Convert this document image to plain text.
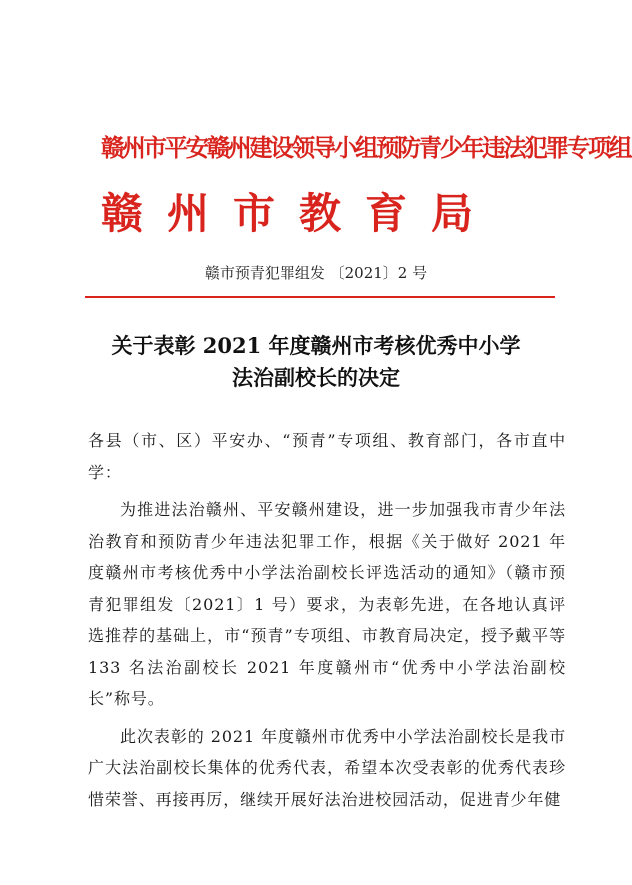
赣州市平安赣州建设领导小组预防青少年违法犯罪专项组
赣州市教育局
赣市预青犯罪组发 〔2021〕2 号
关于表彰 2021 年度赣州市考核优秀中小学
法治副校长的决定

各县（市、区）平安办、“预青”专项组、教育部门，各市直中学：

为推进法治赣州、平安赣州建设，进一步加强我市青少年法治教育和预防青少年违法犯罪工作，根据《关于做好 2021 年度赣州市考核优秀中小学法治副校长评选活动的通知》（赣市预青犯罪组发〔2021〕1 号）要求，为表彰先进，在各地认真评选推荐的基础上，市“预青”专项组、市教育局决定，授予戴平等 133 名法治副校长 2021 年度赣州市“优秀中小学法治副校长”称号。

此次表彰的 2021 年度赣州市优秀中小学法治副校长是我市广大法治副校长集体的优秀代表，希望本次受表彰的优秀代表珍惜荣誉、再接再厉，继续开展好法治进校园活动，促进青少年健
